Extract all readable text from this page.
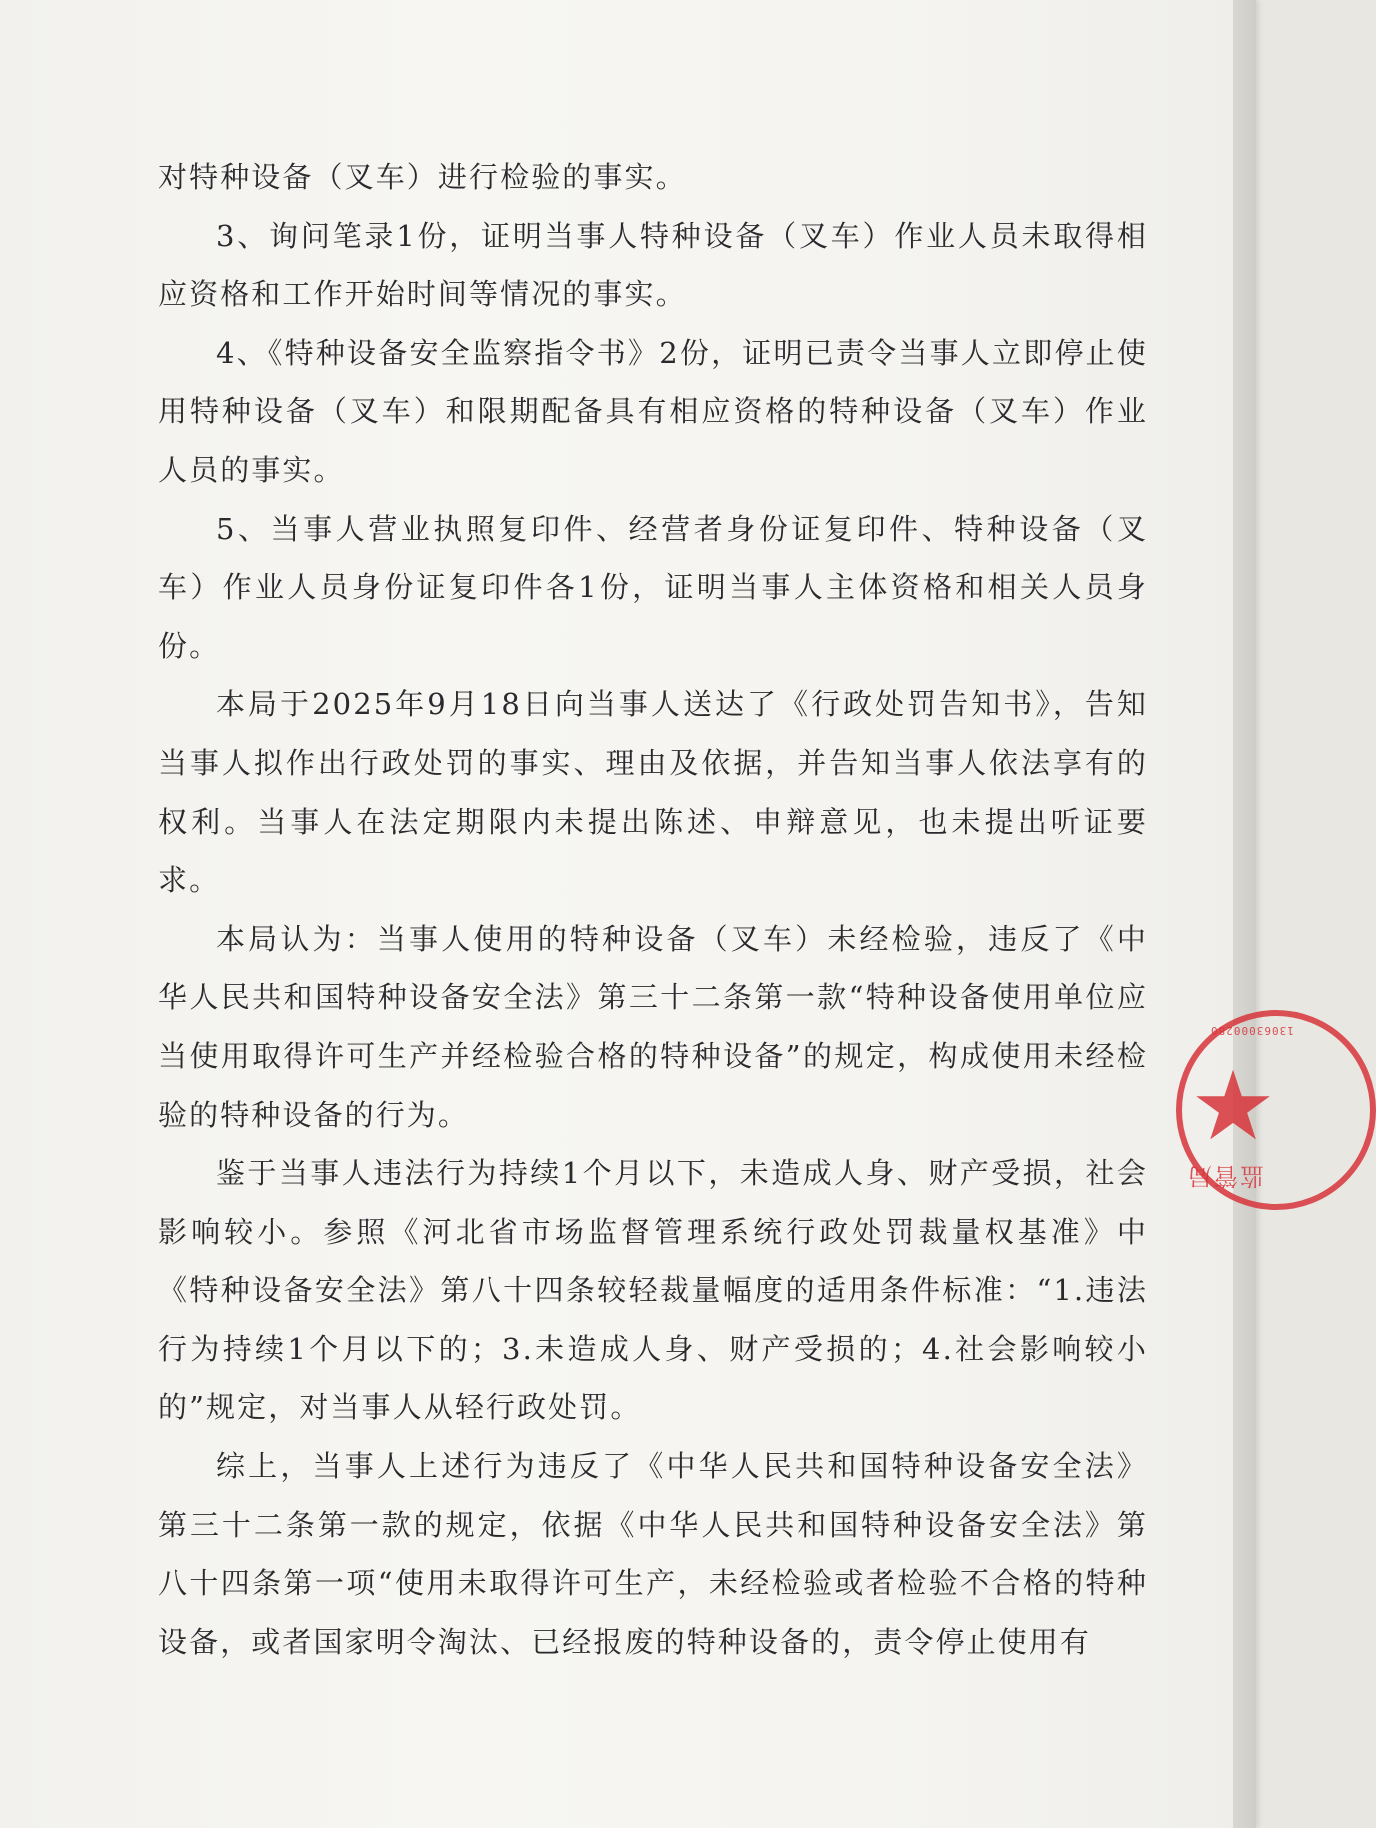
对特种设备（叉车）进行检验的事实。

3、询问笔录1份，证明当事人特种设备（叉车）作业人员未取得相应资格和工作开始时间等情况的事实。

4、《特种设备安全监察指令书》2份，证明已责令当事人立即停止使用特种设备（叉车）和限期配备具有相应资格的特种设备（叉车）作业人员的事实。

5、当事人营业执照复印件、经营者身份证复印件、特种设备（叉车）作业人员身份证复印件各1份，证明当事人主体资格和相关人员身份。

本局于2025年9月18日向当事人送达了《行政处罚告知书》，告知当事人拟作出行政处罚的事实、理由及依据，并告知当事人依法享有的权利。当事人在法定期限内未提出陈述、申辩意见，也未提出听证要求。

本局认为：当事人使用的特种设备（叉车）未经检验，违反了《中华人民共和国特种设备安全法》第三十二条第一款“特种设备使用单位应当使用取得许可生产并经检验合格的特种设备”的规定，构成使用未经检验的特种设备的行为。

鉴于当事人违法行为持续1个月以下，未造成人身、财产受损，社会影响较小。参照《河北省市场监督管理系统行政处罚裁量权基准》中《特种设备安全法》第八十四条较轻裁量幅度的适用条件标准：“1.违法行为持续1个月以下的；3.未造成人身、财产受损的；4.社会影响较小的”规定，对当事人从轻行政处罚。

综上，当事人上述行为违反了《中华人民共和国特种设备安全法》第三十二条第一款的规定，依据《中华人民共和国特种设备安全法》第八十四条第一项“使用未取得许可生产，未经检验或者检验不合格的特种设备，或者国家明令淘汰、已经报废的特种设备的，责令停止使用有

13063000280
★
监管局
